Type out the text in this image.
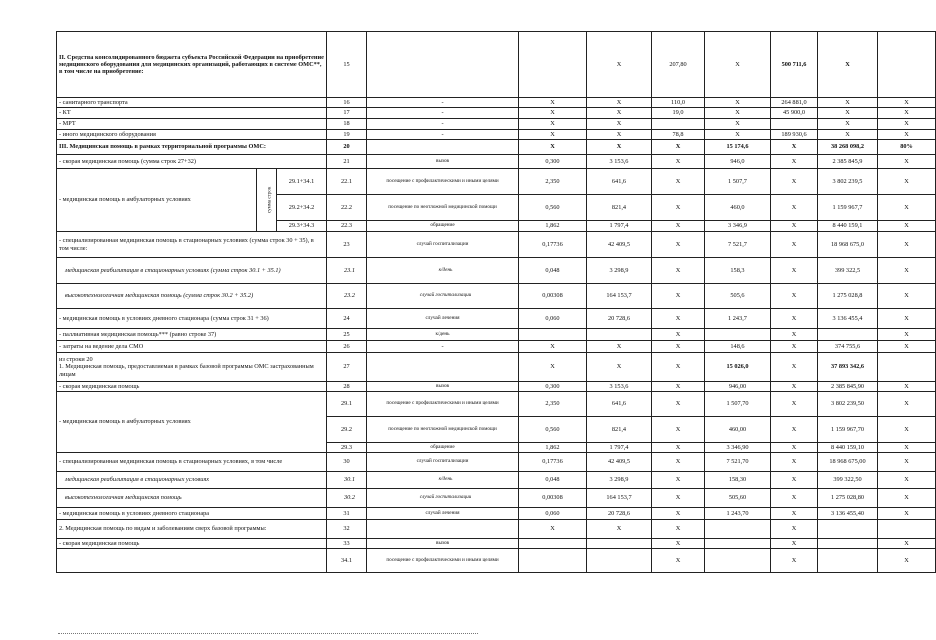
II. Средства консолидированного бюджета субъекта Российской Федерации на приобретение медицинского оборудования для медицинских организаций, работающих в системе ОМС**, в том числе на приобретение:			15			X	207,80	X	500 711,6	X	
- санитарного транспорта			16	-	X	X	110,0	X	264 881,0	X	X
- КТ			17	-	X	X	19,0	X	45 900,0	X	X
- МРТ			18	-	X	X		X		X	X
- иного медицинского оборудования			19	-	X	X	78,8	X	189 930,6	X	X
III. Медицинская помощь в рамках территориальной программы ОМС:			20		X	X	X	15 174,6	X	38 268 098,2	80%
- скорая медицинская помощь (сумма строк 27+32)			21	вызов	0,300	3 153,6	X	946,0	X	2 385 845,9	X
- медицинская помощь в амбулаторных условиях	сумма строк	29.1+34.1	22.1	посещение с профилактическими и иными целями	2,350	641,6	X	1 507,7	X	3 802 239,5	X
		29.2+34.2	22.2	посещение по неотложной медицинской помощи	0,560	821,4	X	460,0	X	1 159 967,7	X
		29.3+34.3	22.3	обращение	1,862	1 797,4	X	3 346,9	X	8 440 159,1	X
- специализированная медицинская помощь в стационарных условиях (сумма строк 30 + 35), в том числе:			23	случай госпитализации	0,17736	42 409,5	X	7 521,7	X	18 968 675,0	X
медицинская реабилитация в стационарных условиях (сумма строк 30.1 + 35.1)			23.1	к/день	0,048	3 298,9	X	158,3	X	399 322,5	X
высокотехнологичная медицинская помощь (сумма строк 30.2 + 35.2)			23.2	случай госпитализации	0,00308	164 153,7	X	505,6	X	1 275 028,8	X
- медицинская помощь в условиях дневного стационара (сумма строк 31 + 36)			24	случай лечения	0,060	20 728,6	X	1 243,7	X	3 136 455,4	X
- паллиативная медицинская помощь*** (равно строке 37)			25	к/день			X		X		X
- затраты на ведение дела СМО			26	-	X	X	X	148,6	X	374 755,6	X
из строки 20
1. Медицинская помощь, предоставляемая в рамках базовой программы ОМС застрахованным лицам			27		X	X	X	15 026,0	X	37 893 342,6	
- скорая медицинская помощь			28	вызов	0,300	3 153,6	X	946,00	X	2 385 845,90	X
- медицинская помощь в амбулаторных условиях			29.1	посещение с профилактическими и иными целями	2,350	641,6	X	1 507,70	X	3 802 239,50	X
			29.2	посещение по неотложной медицинской помощи	0,560	821,4	X	460,00	X	1 159 967,70	X
			29.3	обращение	1,862	1 797,4	X	3 346,90	X	8 440 159,10	X
- специализированная медицинская помощь в стационарных условиях, в том числе			30	случай госпитализации	0,17736	42 409,5	X	7 521,70	X	18 968 675,00	X
медицинская реабилитация в стационарных условиях			30.1	к/день	0,048	3 298,9	X	158,30	X	399 322,50	X
высокотехнологичная медицинская помощь			30.2	случай госпитализации	0,00308	164 153,7	X	505,60	X	1 275 028,80	X
- медицинская помощь в условиях дневного стационара			31	случай лечения	0,060	20 728,6	X	1 243,70	X	3 136 455,40	X
2. Медицинская помощь по видам и заболеваниям сверх базовой программы:			32		X	X	X		X		
- скорая медицинская помощь			33	вызов			X		X		X
			34.1	посещение с профилактическими и иными целями			X		X		X
